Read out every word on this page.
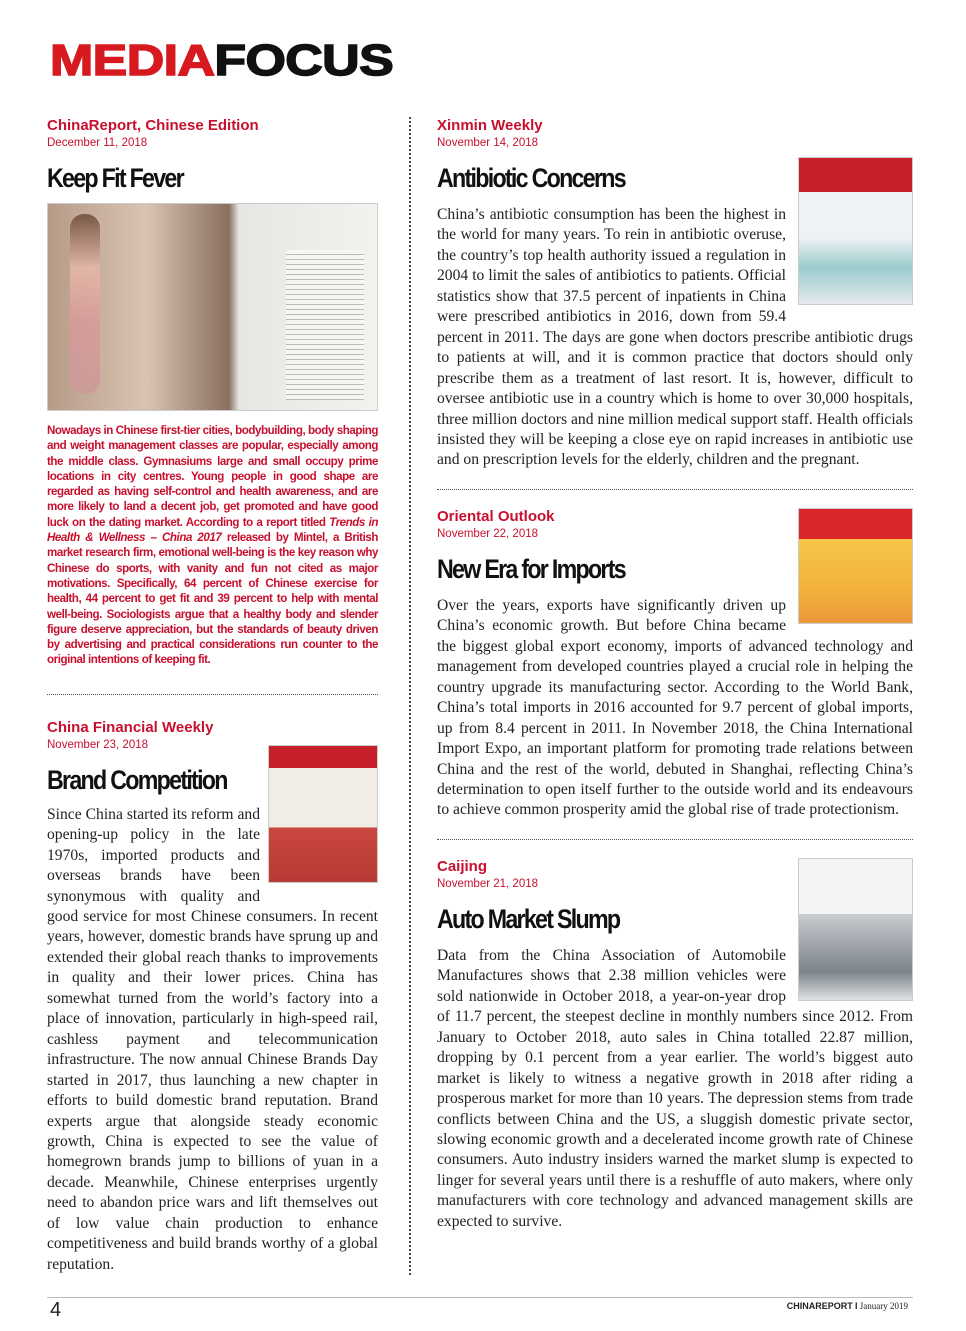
MEDIAFOCUS
ChinaReport, Chinese Edition
December 11, 2018
Keep Fit Fever

Nowadays in Chinese first-tier cities, bodybuilding, body shaping and weight management classes are popular, especially among the middle class. Gymnasiums large and small occupy prime locations in city centres. Young people in good shape are regarded as having self-control and health awareness, and are more likely to land a decent job, get promoted and have good luck on the dating market. According to a report titled Trends in Health & Wellness – China 2017 released by Mintel, a British market research firm, emotional well-being is the key reason why Chinese do sports, with vanity and fun not cited as major motivations. Specifically, 64 percent of Chinese exercise for health, 44 percent to get fit and 39 percent to help with mental well-being. Sociologists argue that a healthy body and slender figure deserve appreciation, but the standards of beauty driven by advertising and practical considerations run counter to the original intentions of keeping fit.

China Financial Weekly
November 23, 2018
Brand Competition

Since China started its reform and opening-up policy in the late 1970s, imported products and overseas brands have been synonymous with quality and good service for most Chinese consumers. In recent years, however, domestic brands have sprung up and extended their global reach thanks to improvements in quality and their lower prices. China has somewhat turned from the world’s factory into a place of innovation, particularly in high-speed rail, cashless payment and telecommunication infrastructure. The now annual Chinese Brands Day started in 2017, thus launching a new chapter in efforts to build domestic brand reputation. Brand experts argue that alongside steady economic growth, China is expected to see the value of homegrown brands jump to billions of yuan in a decade. Meanwhile, Chinese enterprises urgently need to abandon price wars and lift themselves out of low value chain production to enhance competitiveness and build brands worthy of a global reputation.

Xinmin Weekly
November 14, 2018
Antibiotic Concerns

China’s antibiotic consumption has been the highest in the world for many years. To rein in antibiotic overuse, the country’s top health authority issued a regulation in 2004 to limit the sales of antibiotics to patients. Official statistics show that 37.5 percent of inpatients in China were prescribed antibiotics in 2016, down from 59.4 percent in 2011. The days are gone when doctors prescribe antibiotic drugs to patients at will, and it is common practice that doctors should only prescribe them as a treatment of last resort. It is, however, difficult to oversee antibiotic use in a country which is home to over 30,000 hospitals, three million doctors and nine million medical support staff. Health officials insisted they will be keeping a close eye on rapid increases in antibiotic use and on prescription levels for the elderly, children and the pregnant.

Oriental Outlook
November 22, 2018
New Era for Imports

Over the years, exports have significantly driven up China’s economic growth. But before China became the biggest global export economy, imports of advanced technology and management from developed countries played a crucial role in helping the country upgrade its manufacturing sector. According to the World Bank, China’s total imports in 2016 accounted for 9.7 percent of global imports, up from 8.4 percent in 2011. In November 2018, the China International Import Expo, an important platform for promoting trade relations between China and the rest of the world, debuted in Shanghai, reflecting China’s determination to open itself further to the outside world and its endeavours to achieve common prosperity amid the global rise of trade protectionism.

Caijing
November 21, 2018
Auto Market Slump

Data from the China Association of Automobile Manufactures shows that 2.38 million vehicles were sold nationwide in October 2018, a year-on-year drop of 11.7 percent, the steepest decline in monthly numbers since 2012. From January to October 2018, auto sales in China totalled 22.87 million, dropping by 0.1 percent from a year earlier. The world’s biggest auto market is likely to witness a negative growth in 2018 after riding a prosperous market for more than 10 years. The depression stems from trade conflicts between China and the US, a sluggish domestic private sector, slowing economic growth and a decelerated income growth rate of Chinese consumers. Auto industry insiders warned the market slump is expected to linger for several years until there is a reshuffle of auto makers, where only manufacturers with core technology and advanced management skills are expected to survive.

4	CHINAREPORT I January 2019
